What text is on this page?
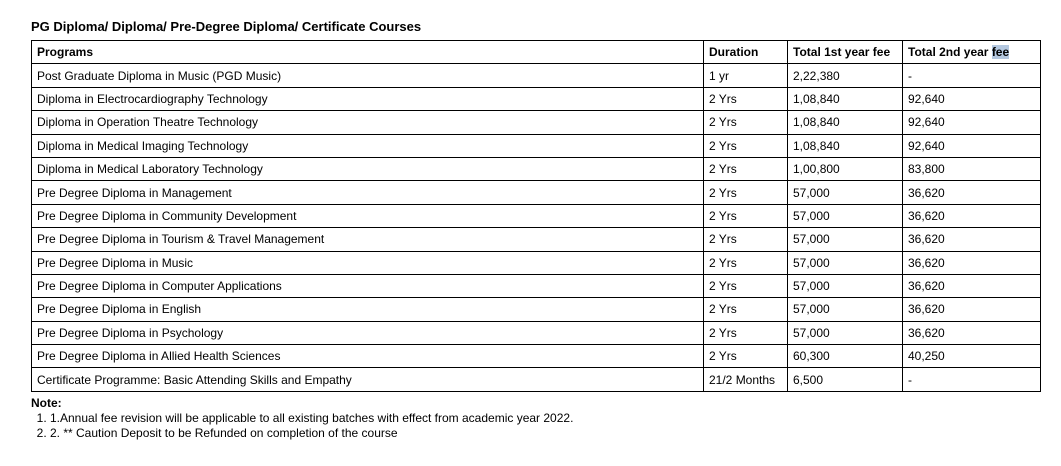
PG Diploma/ Diploma/ Pre-Degree Diploma/ Certificate Courses
Programs	Duration	Total 1st year fee	Total 2nd year fee
Post Graduate Diploma in Music (PGD Music)	1 yr	2,22,380	-
Diploma in Electrocardiography Technology	2 Yrs	1,08,840	92,640
Diploma in Operation Theatre Technology	2 Yrs	1,08,840	92,640
Diploma in Medical Imaging Technology	2 Yrs	1,08,840	92,640
Diploma in Medical Laboratory Technology	2 Yrs	1,00,800	83,800
Pre Degree Diploma in Management	2 Yrs	57,000	36,620
Pre Degree Diploma in Community Development	2 Yrs	57,000	36,620
Pre Degree Diploma in Tourism & Travel Management	2 Yrs	57,000	36,620
Pre Degree Diploma in Music	2 Yrs	57,000	36,620
Pre Degree Diploma in Computer Applications	2 Yrs	57,000	36,620
Pre Degree Diploma in English	2 Yrs	57,000	36,620
Pre Degree Diploma in Psychology	2 Yrs	57,000	36,620
Pre Degree Diploma in Allied Health Sciences	2 Yrs	60,300	40,250
Certificate Programme: Basic Attending Skills and Empathy	21/2 Months	6,500	-
Note:
1. 1.Annual fee revision will be applicable to all existing batches with effect from academic year 2022.
2. 2. ** Caution Deposit to be Refunded on completion of the course
